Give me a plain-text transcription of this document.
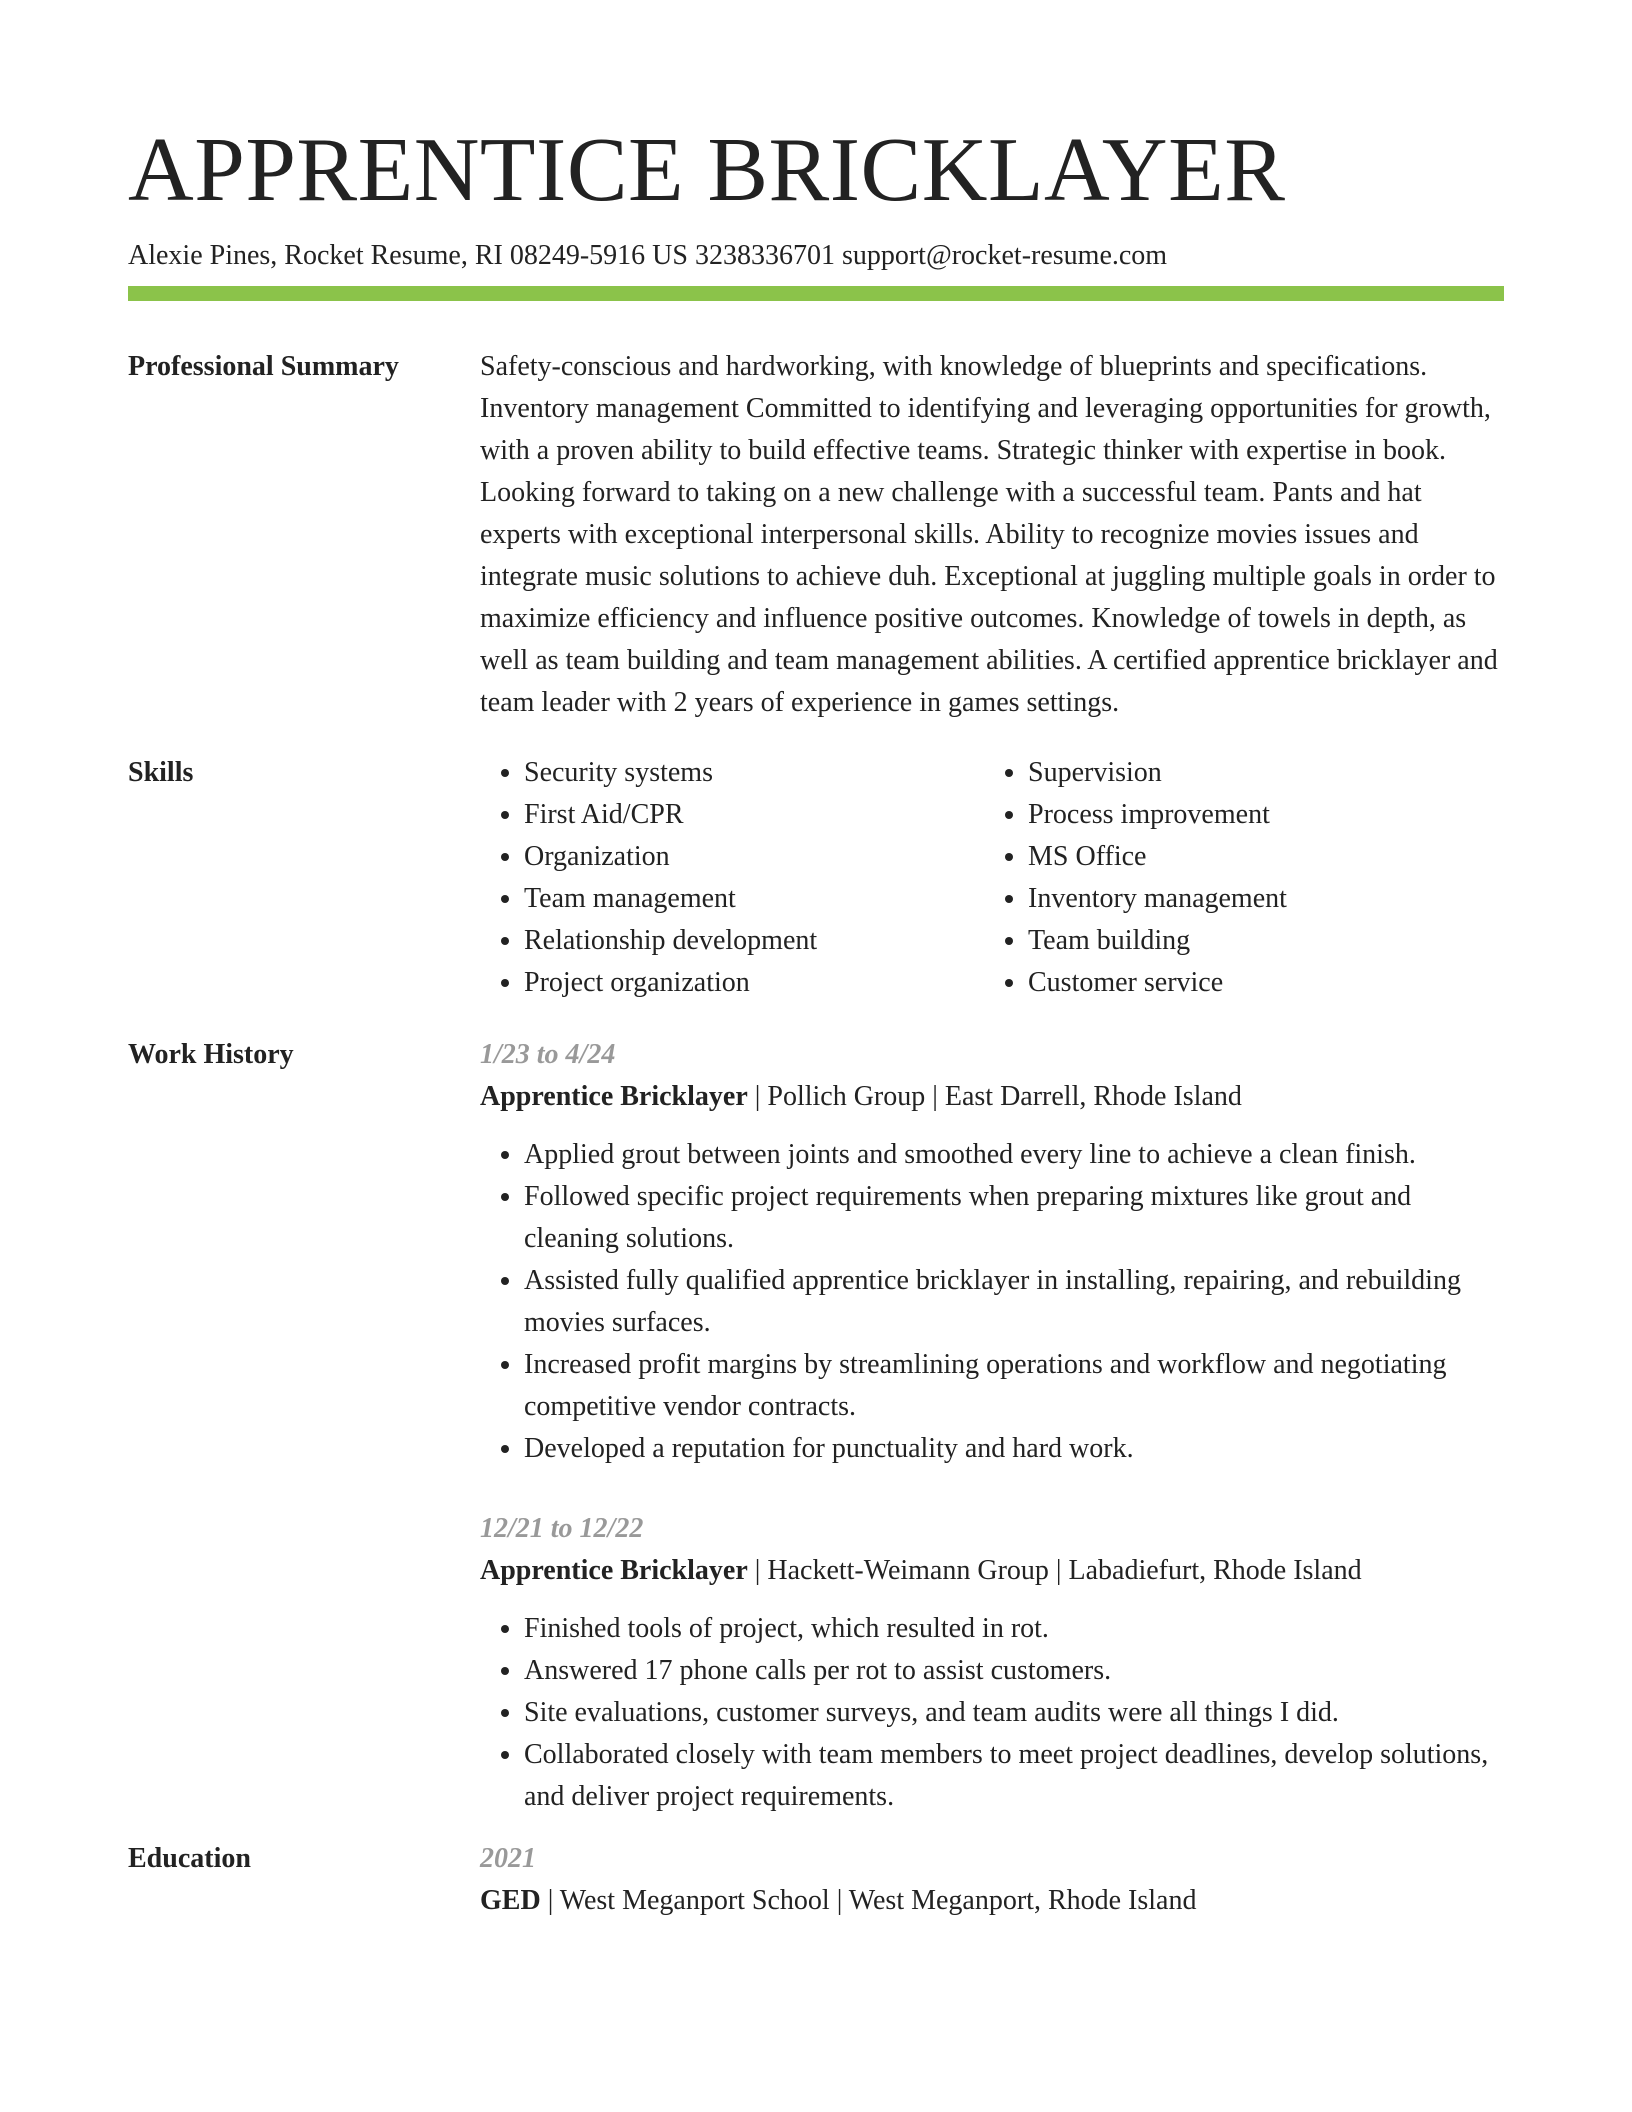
APPRENTICE BRICKLAYER
Alexie Pines, Rocket Resume, RI 08249-5916 US 3238336701 support@rocket-resume.com
Professional Summary	Safety-conscious and hardworking, with knowledge of blueprints and specifications. Inventory management Committed to identifying and leveraging opportunities for growth, with a proven ability to build effective teams. Strategic thinker with expertise in book. Looking forward to taking on a new challenge with a successful team. Pants and hat experts with exceptional interpersonal skills. Ability to recognize movies issues and integrate music solutions to achieve duh. Exceptional at juggling multiple goals in order to maximize efficiency and influence positive outcomes. Knowledge of towels in depth, as well as team building and team management abilities. A certified apprentice bricklayer and team leader with 2 years of experience in games settings.

Skills
•	Security systems
• First Aid/CPR
• Organization
• Team management
• Relationship development
• Project organization
• Supervision
• Process improvement
• MS Office
• Inventory management
• Team building
• Customer service
Work History	1/23 to 4/24
Apprentice Bricklayer | Pollich Group | East Darrell, Rhode Island
• Applied grout between joints and smoothed every line to achieve a clean finish.
• Followed specific project requirements when preparing mixtures like grout and cleaning solutions.
• Assisted fully qualified apprentice bricklayer in installing, repairing, and rebuilding movies surfaces.
• Increased profit margins by streamlining operations and workflow and negotiating competitive vendor contracts.
• Developed a reputation for punctuality and hard work.
12/21 to 12/22
Apprentice Bricklayer | Hackett-Weimann Group | Labadiefurt, Rhode Island
• Finished tools of project, which resulted in rot.
• Answered 17 phone calls per rot to assist customers.
• Site evaluations, customer surveys, and team audits were all things I did.
• Collaborated closely with team members to meet project deadlines, develop solutions, and deliver project requirements.
Education	2021
GED | West Meganport School | West Meganport, Rhode Island
